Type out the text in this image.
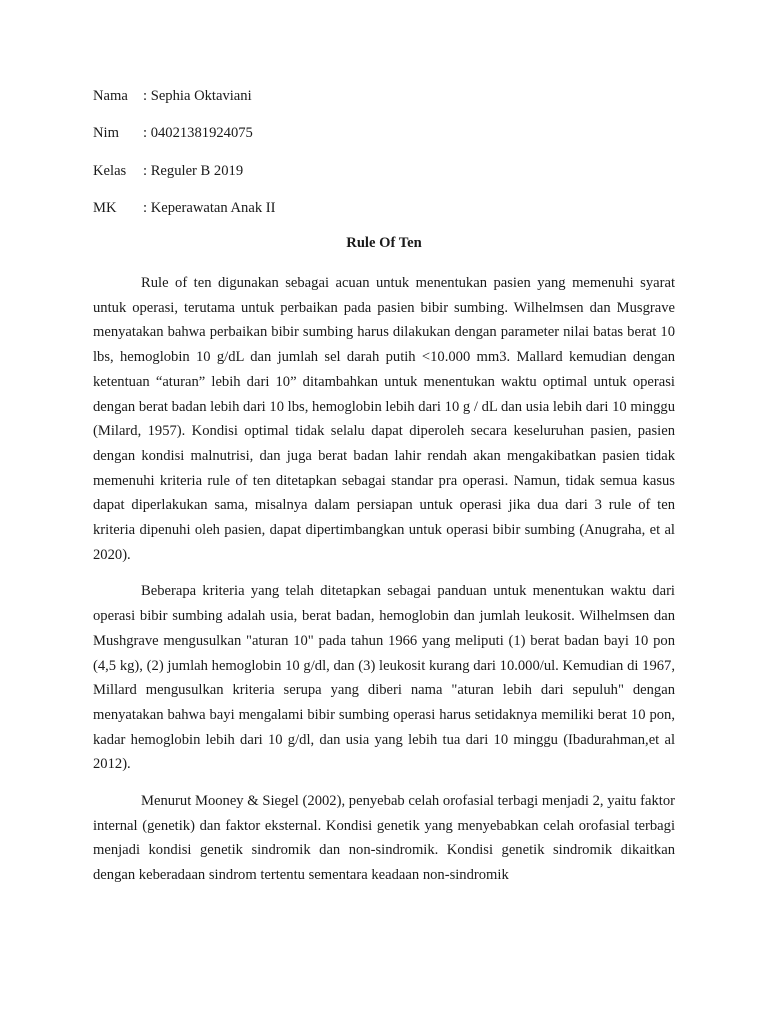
Nama : Sephia Oktaviani
Nim : 04021381924075
Kelas : Reguler B 2019
MK : Keperawatan Anak II
Rule Of Ten

Rule of ten digunakan sebagai acuan untuk menentukan pasien yang memenuhi syarat untuk operasi, terutama untuk perbaikan pada pasien bibir sumbing. Wilhelmsen dan Musgrave menyatakan bahwa perbaikan bibir sumbing harus dilakukan dengan parameter nilai batas berat 10 lbs, hemoglobin 10 g/dL dan jumlah sel darah putih <10.000 mm3. Mallard kemudian dengan ketentuan “aturan” lebih dari 10” ditambahkan untuk menentukan waktu optimal untuk operasi dengan berat badan lebih dari 10 lbs, hemoglobin lebih dari 10 g / dL dan usia lebih dari 10 minggu (Milard, 1957). Kondisi optimal tidak selalu dapat diperoleh secara keseluruhan pasien, pasien dengan kondisi malnutrisi, dan juga berat badan lahir rendah akan mengakibatkan pasien tidak memenuhi kriteria rule of ten ditetapkan sebagai standar pra operasi. Namun, tidak semua kasus dapat diperlakukan sama, misalnya dalam persiapan untuk operasi jika dua dari 3 rule of ten kriteria dipenuhi oleh pasien, dapat dipertimbangkan untuk operasi bibir sumbing (Anugraha, et al 2020).

Beberapa kriteria yang telah ditetapkan sebagai panduan untuk menentukan waktu dari operasi bibir sumbing adalah usia, berat badan, hemoglobin dan jumlah leukosit. Wilhelmsen dan Mushgrave mengusulkan "aturan 10" pada tahun 1966 yang meliputi (1) berat badan bayi 10 pon (4,5 kg), (2) jumlah hemoglobin 10 g/dl, dan (3) leukosit kurang dari 10.000/ul. Kemudian di 1967, Millard mengusulkan kriteria serupa yang diberi nama "aturan lebih dari sepuluh" dengan menyatakan bahwa bayi mengalami bibir sumbing operasi harus setidaknya memiliki berat 10 pon, kadar hemoglobin lebih dari 10 g/dl, dan usia yang lebih tua dari 10 minggu (Ibadurahman,et al 2012).

Menurut Mooney & Siegel (2002), penyebab celah orofasial terbagi menjadi 2, yaitu faktor internal (genetik) dan faktor eksternal. Kondisi genetik yang menyebabkan celah orofasial terbagi menjadi kondisi genetik sindromik dan non-sindromik. Kondisi genetik sindromik dikaitkan dengan keberadaan sindrom tertentu sementara keadaan non-sindromik
